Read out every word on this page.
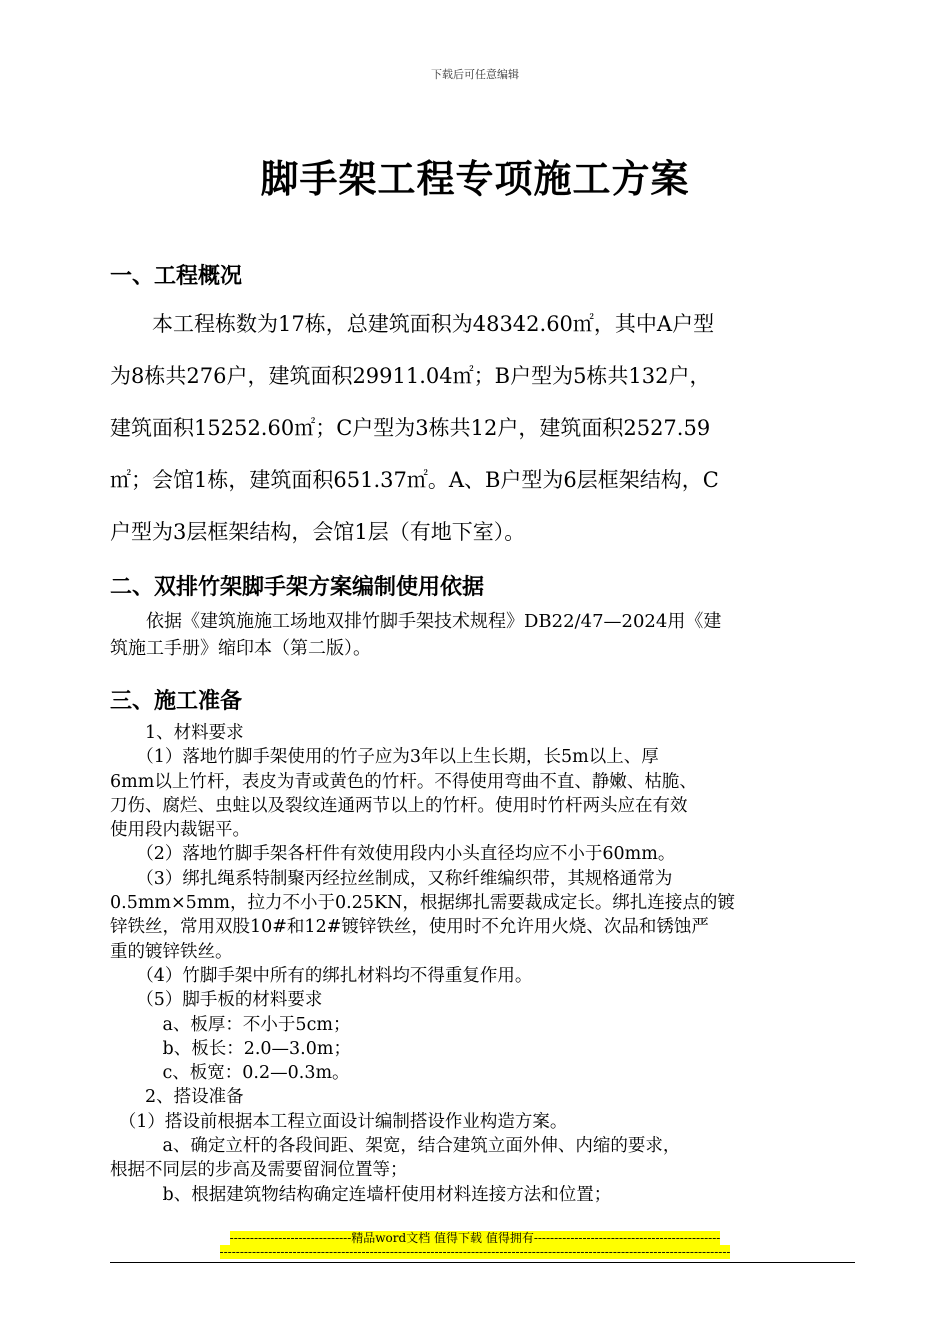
下载后可任意编辑
脚手架工程专项施工方案
一、工程概况
　　本工程栋数为17栋，总建筑面积为48342.60㎡，其中A户型
为8栋共276户，建筑面积29911.04㎡；B户型为5栋共132户，
建筑面积15252.60㎡；C户型为3栋共12户，建筑面积2527.59
㎡；会馆1栋，建筑面积651.37㎡。A、B户型为6层框架结构，C
户型为3层框架结构，会馆1层（有地下室）。
二、双排竹架脚手架方案编制使用依据
　　依据《建筑施施工场地双排竹脚手架技术规程》DB22/47—2024用《建
筑施工手册》缩印本（第二版）。
三、施工准备
　　1、材料要求
　　（1）落地竹脚手架使用的竹子应为3年以上生长期，长5m以上、厚
6mm以上竹杆，表皮为青或黄色的竹杆。不得使用弯曲不直、静嫩、枯脆、
刀伤、腐烂、虫蛀以及裂纹连通两节以上的竹杆。使用时竹杆两头应在有效
使用段内裁锯平。
　　（2）落地竹脚手架各杆件有效使用段内小头直径均应不小于60mm。
　　（3）绑扎绳系特制聚丙经拉丝制成，又称纤维编织带，其规格通常为
0.5mm×5mm，拉力不小于0.25KN，根据绑扎需要裁成定长。绑扎连接点的镀
锌铁丝，常用双股10#和12#镀锌铁丝，使用时不允许用火烧、次品和锈蚀严
重的镀锌铁丝。
　　（4）竹脚手架中所有的绑扎材料均不得重复作用。
　　（5）脚手板的材料要求
　　　a、板厚：不小于5cm；
　　　b、板长：2.0—3.0m；
　　　c、板宽：0.2—0.3m。
　　2、搭设准备
　（1）搭设前根据本工程立面设计编制搭设作业构造方案。
　　　a、确定立杆的各段间距、架宽，结合建筑立面外伸、内缩的要求，
根据不同层的步高及需要留洞位置等；
　　　b、根据建筑物结构确定连墙杆使用材料连接方法和位置；
------------------------------精品word文档 值得下载 值得拥有----------------------------------------------
------------------------------------------------------------------------------------------------------------------------------
